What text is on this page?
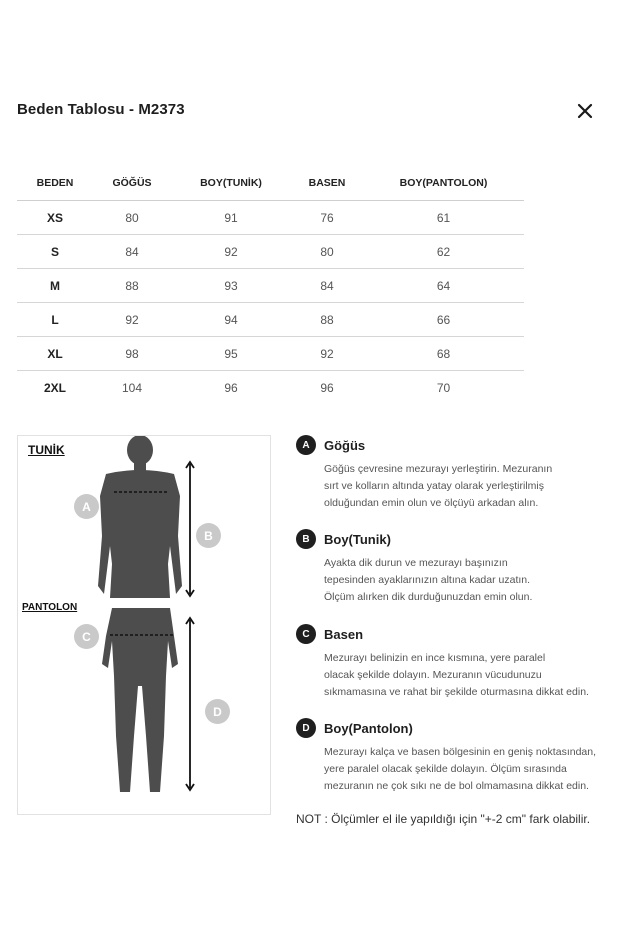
Beden Tablosu - M2373
BEDEN	GÖĞÜS	BOY(TUNİK)	BASEN	BOY(PANTOLON)
XS	80	91	76	61
S	84	92	80	62
M	88	93	84	64
L	92	94	88	66
XL	98	95	92	68
2XL	104	96	96	70
TUNİK
PANTOLON
A
B
C
D
A	Göğüs
Göğüs çevresine mezurayı yerleştirin. Mezuranın
sırt ve kolların altında yatay olarak yerleştirilmiş
olduğundan emin olun ve ölçüyü arkadan alın.
B	Boy(Tunik)
Ayakta dik durun ve mezurayı başınızın
tepesinden ayaklarınızın altına kadar uzatın.
Ölçüm alırken dik durduğunuzdan emin olun.
C	Basen
Mezurayı belinizin en ince kısmına, yere paralel
olacak şekilde dolayın. Mezuranın vücudunuzu
sıkmamasına ve rahat bir şekilde oturmasına dikkat edin.
D	Boy(Pantolon)
Mezurayı kalça ve basen bölgesinin en geniş noktasından,
yere paralel olacak şekilde dolayın. Ölçüm sırasında
mezuranın ne çok sıkı ne de bol olmamasına dikkat edin.
NOT : Ölçümler el ile yapıldığı için "+-2 cm" fark olabilir.
